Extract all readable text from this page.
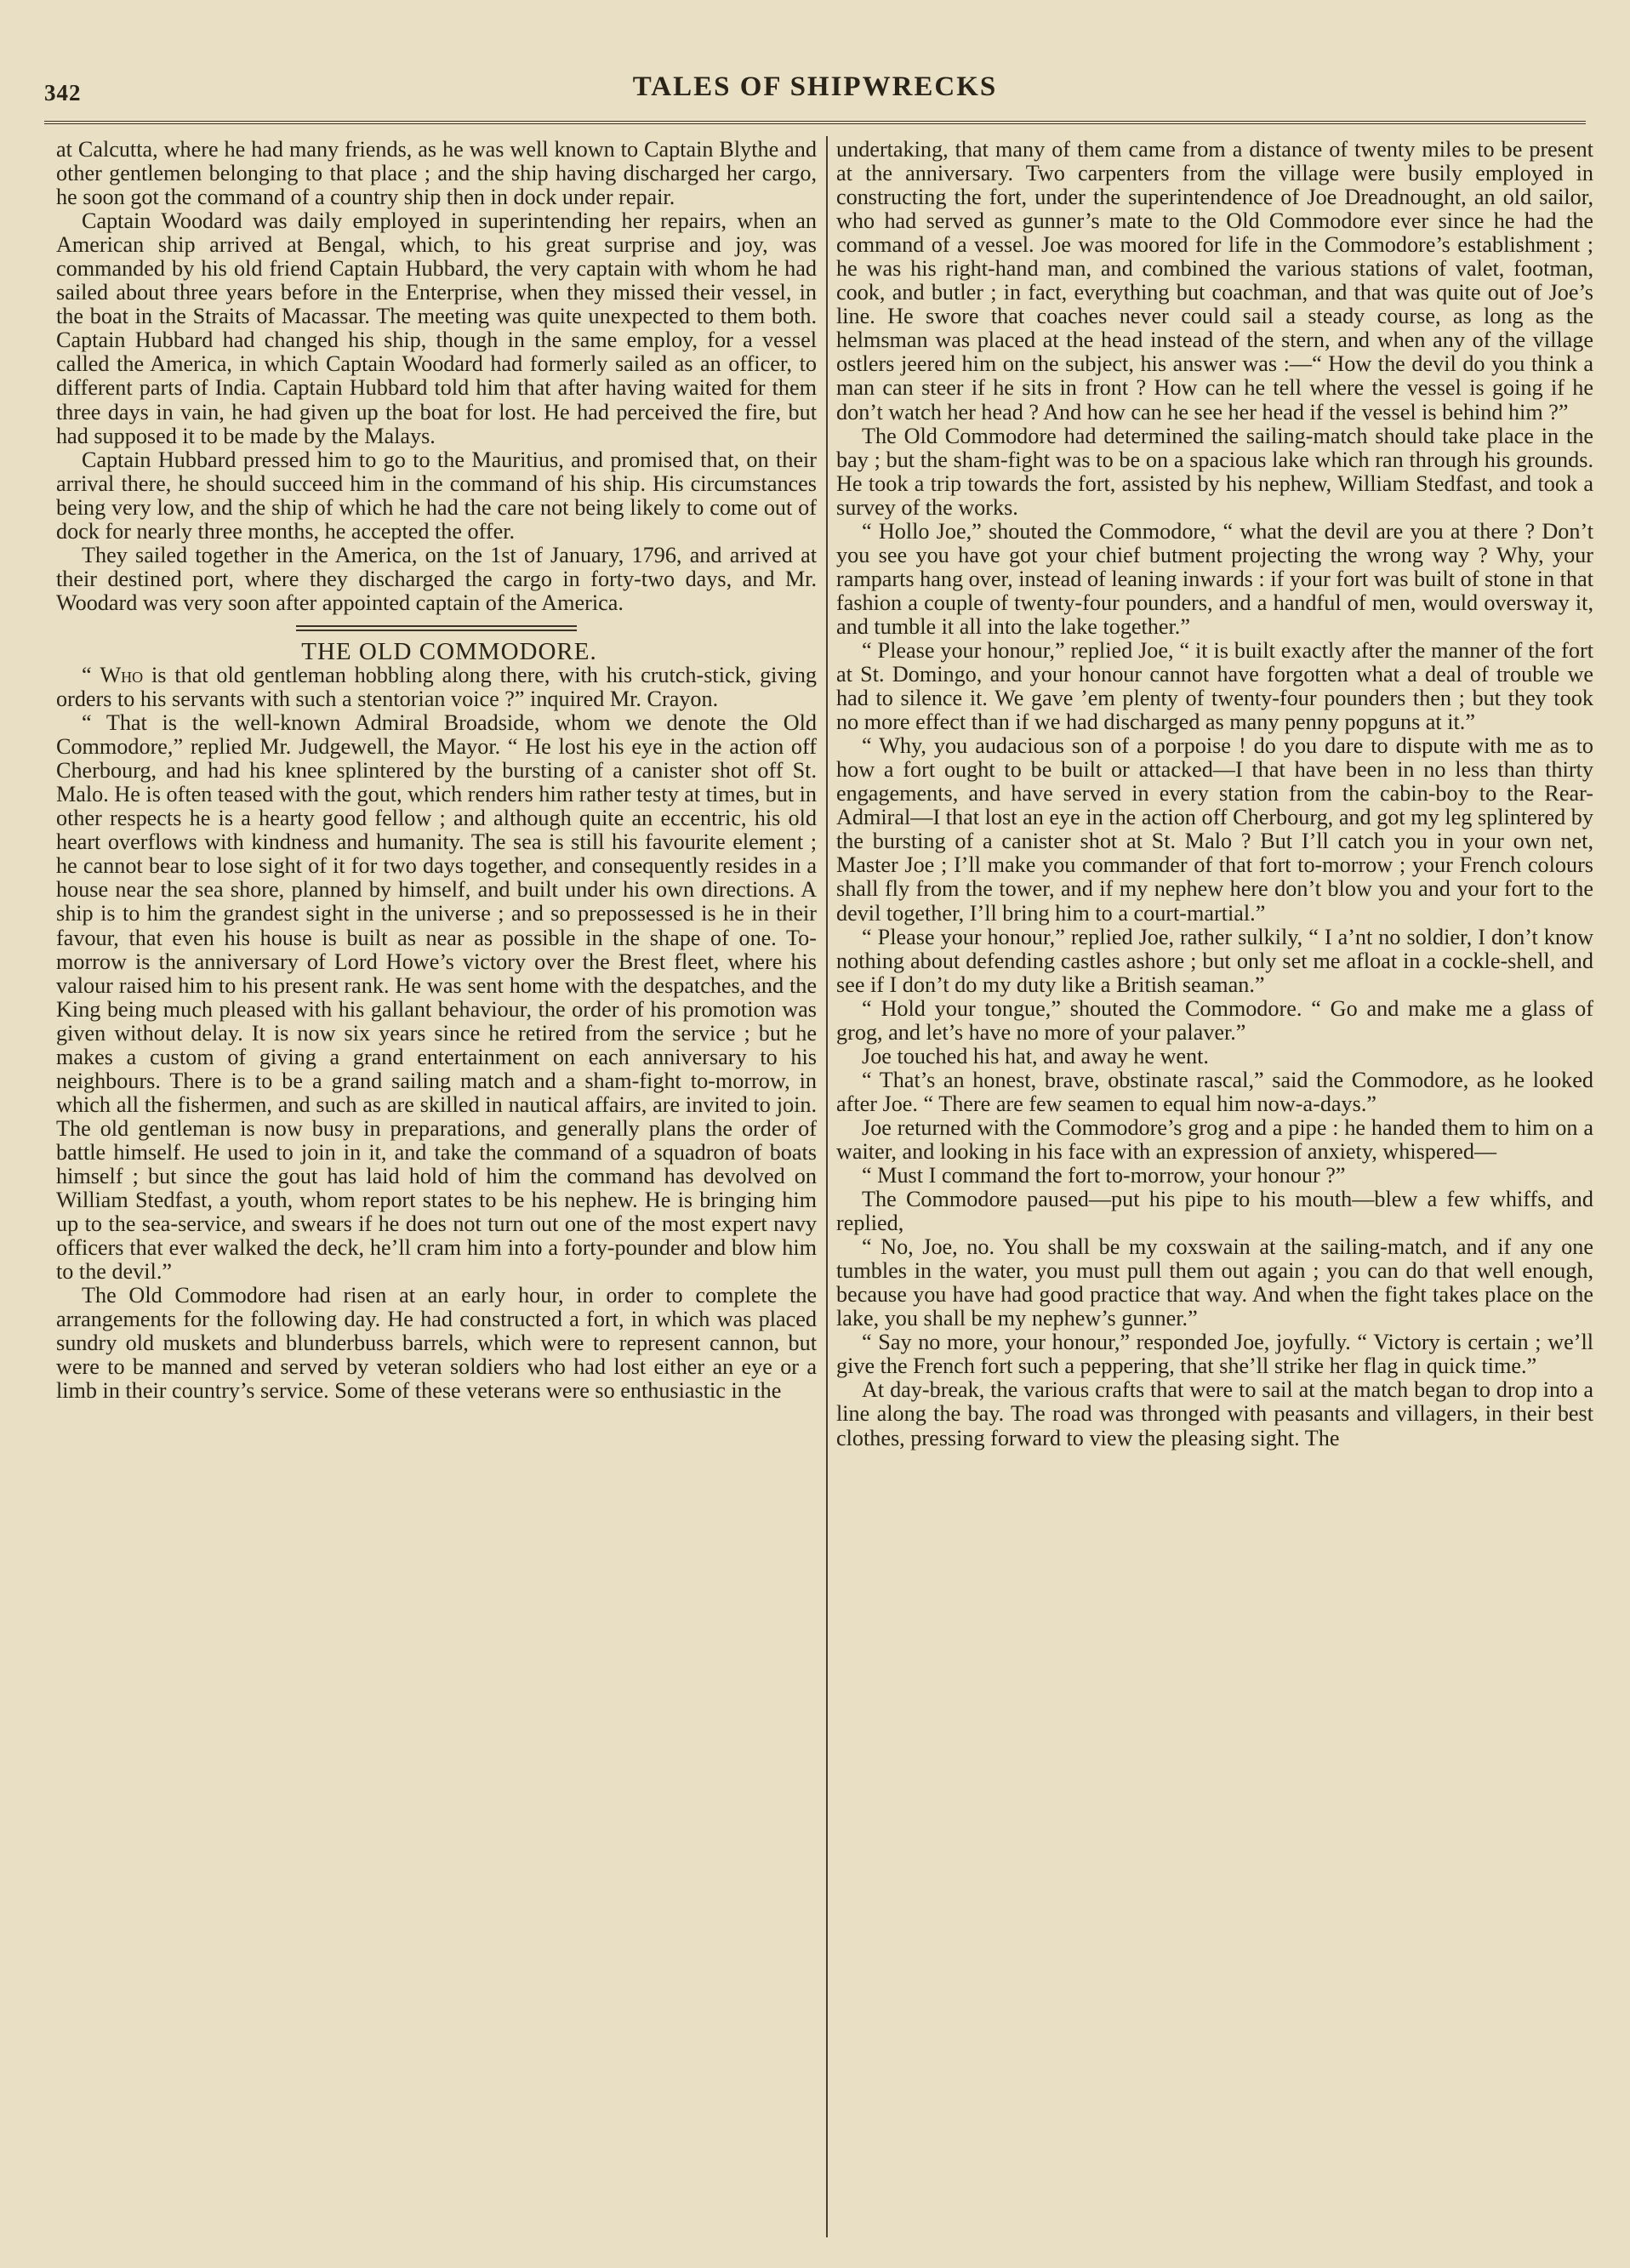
342	TALES OF SHIPWRECKS

at Calcutta, where he had many friends, as he was well known to Captain Blythe and other gentlemen belonging to that place ; and the ship having discharged her cargo, he soon got the command of a country ship then in dock under repair.

Captain Woodard was daily employed in superintending her repairs, when an American ship arrived at Bengal, which, to his great surprise and joy, was commanded by his old friend Captain Hubbard, the very captain with whom he had sailed about three years before in the Enterprise, when they missed their vessel, in the boat in the Straits of Macassar. The meeting was quite unexpected to them both. Captain Hubbard had changed his ship, though in the same employ, for a vessel called the America, in which Captain Woodard had formerly sailed as an officer, to different parts of India. Captain Hubbard told him that after having waited for them three days in vain, he had given up the boat for lost. He had perceived the fire, but had supposed it to be made by the Malays.

Captain Hubbard pressed him to go to the Mauritius, and promised that, on their arrival there, he should succeed him in the command of his ship. His circumstances being very low, and the ship of which he had the care not being likely to come out of dock for nearly three months, he accepted the offer.

They sailed together in the America, on the 1st of January, 1796, and arrived at their destined port, where they discharged the cargo in forty-two days, and Mr. Woodard was very soon after appointed captain of the America.

THE OLD COMMODORE.

“ Who is that old gentleman hobbling along there, with his crutch-stick, giving orders to his servants with such a stentorian voice ?” inquired Mr. Crayon.

“ That is the well-known Admiral Broadside, whom we denote the Old Commodore,” replied Mr. Judgewell, the Mayor. “ He lost his eye in the action off Cherbourg, and had his knee splintered by the bursting of a canister shot off St. Malo. He is often teased with the gout, which renders him rather testy at times, but in other respects he is a hearty good fellow ; and although quite an eccentric, his old heart overflows with kindness and humanity. The sea is still his favourite element ; he cannot bear to lose sight of it for two days together, and consequently resides in a house near the sea shore, planned by himself, and built under his own directions. A ship is to him the grandest sight in the universe ; and so prepossessed is he in their favour, that even his house is built as near as possible in the shape of one. To-morrow is the anniversary of Lord Howe’s victory over the Brest fleet, where his valour raised him to his present rank. He was sent home with the despatches, and the King being much pleased with his gallant behaviour, the order of his promotion was given without delay. It is now six years since he retired from the service ; but he makes a custom of giving a grand entertainment on each anniversary to his neighbours. There is to be a grand sailing match and a sham-fight to-morrow, in which all the fishermen, and such as are skilled in nautical affairs, are invited to join. The old gentleman is now busy in preparations, and generally plans the order of battle himself. He used to join in it, and take the command of a squadron of boats himself ; but since the gout has laid hold of him the command has devolved on William Stedfast, a youth, whom report states to be his nephew. He is bringing him up to the sea-service, and swears if he does not turn out one of the most expert navy officers that ever walked the deck, he’ll cram him into a forty-pounder and blow him to the devil.”

The Old Commodore had risen at an early hour, in order to complete the arrangements for the following day. He had constructed a fort, in which was placed sundry old muskets and blunderbuss barrels, which were to represent cannon, but were to be manned and served by veteran soldiers who had lost either an eye or a limb in their country’s service. Some of these veterans were so enthusiastic in the

undertaking, that many of them came from a distance of twenty miles to be present at the anniversary. Two carpenters from the village were busily employed in constructing the fort, under the superintendence of Joe Dreadnought, an old sailor, who had served as gunner’s mate to the Old Commodore ever since he had the command of a vessel. Joe was moored for life in the Commodore’s establishment ; he was his right-hand man, and combined the various stations of valet, footman, cook, and butler ; in fact, everything but coachman, and that was quite out of Joe’s line. He swore that coaches never could sail a steady course, as long as the helmsman was placed at the head instead of the stern, and when any of the village ostlers jeered him on the subject, his answer was :—“ How the devil do you think a man can steer if he sits in front ? How can he tell where the vessel is going if he don’t watch her head ? And how can he see her head if the vessel is behind him ?”

The Old Commodore had determined the sailing-match should take place in the bay ; but the sham-fight was to be on a spacious lake which ran through his grounds. He took a trip towards the fort, assisted by his nephew, William Stedfast, and took a survey of the works.

“ Hollo Joe,” shouted the Commodore, “ what the devil are you at there ? Don’t you see you have got your chief butment projecting the wrong way ? Why, your ramparts hang over, instead of leaning inwards : if your fort was built of stone in that fashion a couple of twenty-four pounders, and a handful of men, would oversway it, and tumble it all into the lake together.”

“ Please your honour,” replied Joe, “ it is built exactly after the manner of the fort at St. Domingo, and your honour cannot have forgotten what a deal of trouble we had to silence it. We gave ’em plenty of twenty-four pounders then ; but they took no more effect than if we had discharged as many penny popguns at it.”

“ Why, you audacious son of a porpoise ! do you dare to dispute with me as to how a fort ought to be built or attacked—I that have been in no less than thirty engagements, and have served in every station from the cabin-boy to the Rear-Admiral—I that lost an eye in the action off Cherbourg, and got my leg splintered by the bursting of a canister shot at St. Malo ? But I’ll catch you in your own net, Master Joe ; I’ll make you commander of that fort to-morrow ; your French colours shall fly from the tower, and if my nephew here don’t blow you and your fort to the devil together, I’ll bring him to a court-martial.”

“ Please your honour,” replied Joe, rather sulkily, “ I a’nt no soldier, I don’t know nothing about defending castles ashore ; but only set me afloat in a cockle-shell, and see if I don’t do my duty like a British seaman.”

“ Hold your tongue,” shouted the Commodore. “ Go and make me a glass of grog, and let’s have no more of your palaver.”

Joe touched his hat, and away he went.

“ That’s an honest, brave, obstinate rascal,” said the Commodore, as he looked after Joe. “ There are few seamen to equal him now-a-days.”

Joe returned with the Commodore’s grog and a pipe : he handed them to him on a waiter, and looking in his face with an expression of anxiety, whispered—

“ Must I command the fort to-morrow, your honour ?”

The Commodore paused—put his pipe to his mouth—blew a few whiffs, and replied,

“ No, Joe, no. You shall be my coxswain at the sailing-match, and if any one tumbles in the water, you must pull them out again ; you can do that well enough, because you have had good practice that way. And when the fight takes place on the lake, you shall be my nephew’s gunner.”

“ Say no more, your honour,” responded Joe, joyfully. “ Victory is certain ; we’ll give the French fort such a peppering, that she’ll strike her flag in quick time.”

At day-break, the various crafts that were to sail at the match began to drop into a line along the bay. The road was thronged with peasants and villagers, in their best clothes, pressing forward to view the pleasing sight. The
